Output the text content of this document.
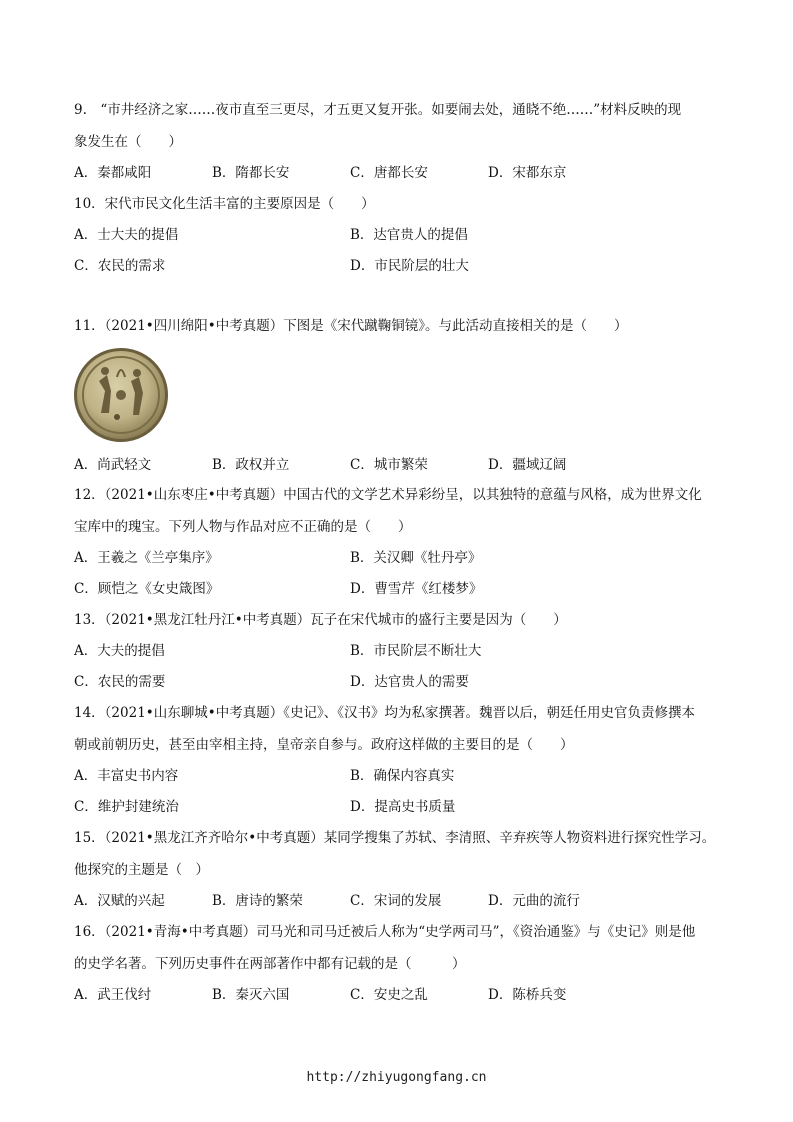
9.　“市井经济之家……夜市直至三更尽，才五更又复开张。如要闹去处，通晓不绝……”材料反映的现
象发生在（　　）
A．秦都咸阳	B．隋都长安	C．唐都长安	D．宋都东京
10．宋代市民文化生活丰富的主要原因是（　　）
A．士大夫的提倡	B．达官贵人的提倡
C．农民的需求	D．市民阶层的壮大
11．（2021•四川绵阳•中考真题）下图是《宋代蹴鞠铜镜》。与此活动直接相关的是（　　）
A．尚武轻文	B．政权并立	C．城市繁荣	D．疆域辽阔
12．（2021•山东枣庄•中考真题）中国古代的文学艺术异彩纷呈，以其独特的意蕴与风格，成为世界文化
宝库中的瑰宝。下列人物与作品对应不正确的是（　　）
A．王羲之《兰亭集序》	B．关汉卿《牡丹亭》
C．顾恺之《女史箴图》	D．曹雪芹《红楼梦》
13．（2021•黑龙江牡丹江•中考真题）瓦子在宋代城市的盛行主要是因为（　　）
A．大夫的提倡	B．市民阶层不断壮大
C．农民的需要	D．达官贵人的需要
14．（2021•山东聊城•中考真题）《史记》、《汉书》均为私家撰著。魏晋以后，朝廷任用史官负责修撰本
朝或前朝历史，甚至由宰相主持，皇帝亲自参与。政府这样做的主要目的是（　　）
A．丰富史书内容	B．确保内容真实
C．维护封建统治	D．提高史书质量
15．（2021•黑龙江齐齐哈尔•中考真题）某同学搜集了苏轼、李清照、辛弃疾等人物资料进行探究性学习。
他探究的主题是（　）
A．汉赋的兴起	B．唐诗的繁荣	C．宋词的发展	D．元曲的流行
16．（2021•青海•中考真题）司马光和司马迁被后人称为“史学两司马”，《资治通鉴》与《史记》则是他
的史学名著。下列历史事件在两部著作中都有记载的是（　　　）
A．武王伐纣	B．秦灭六国	C．安史之乱	D．陈桥兵变
http://zhiyugongfang.cn
